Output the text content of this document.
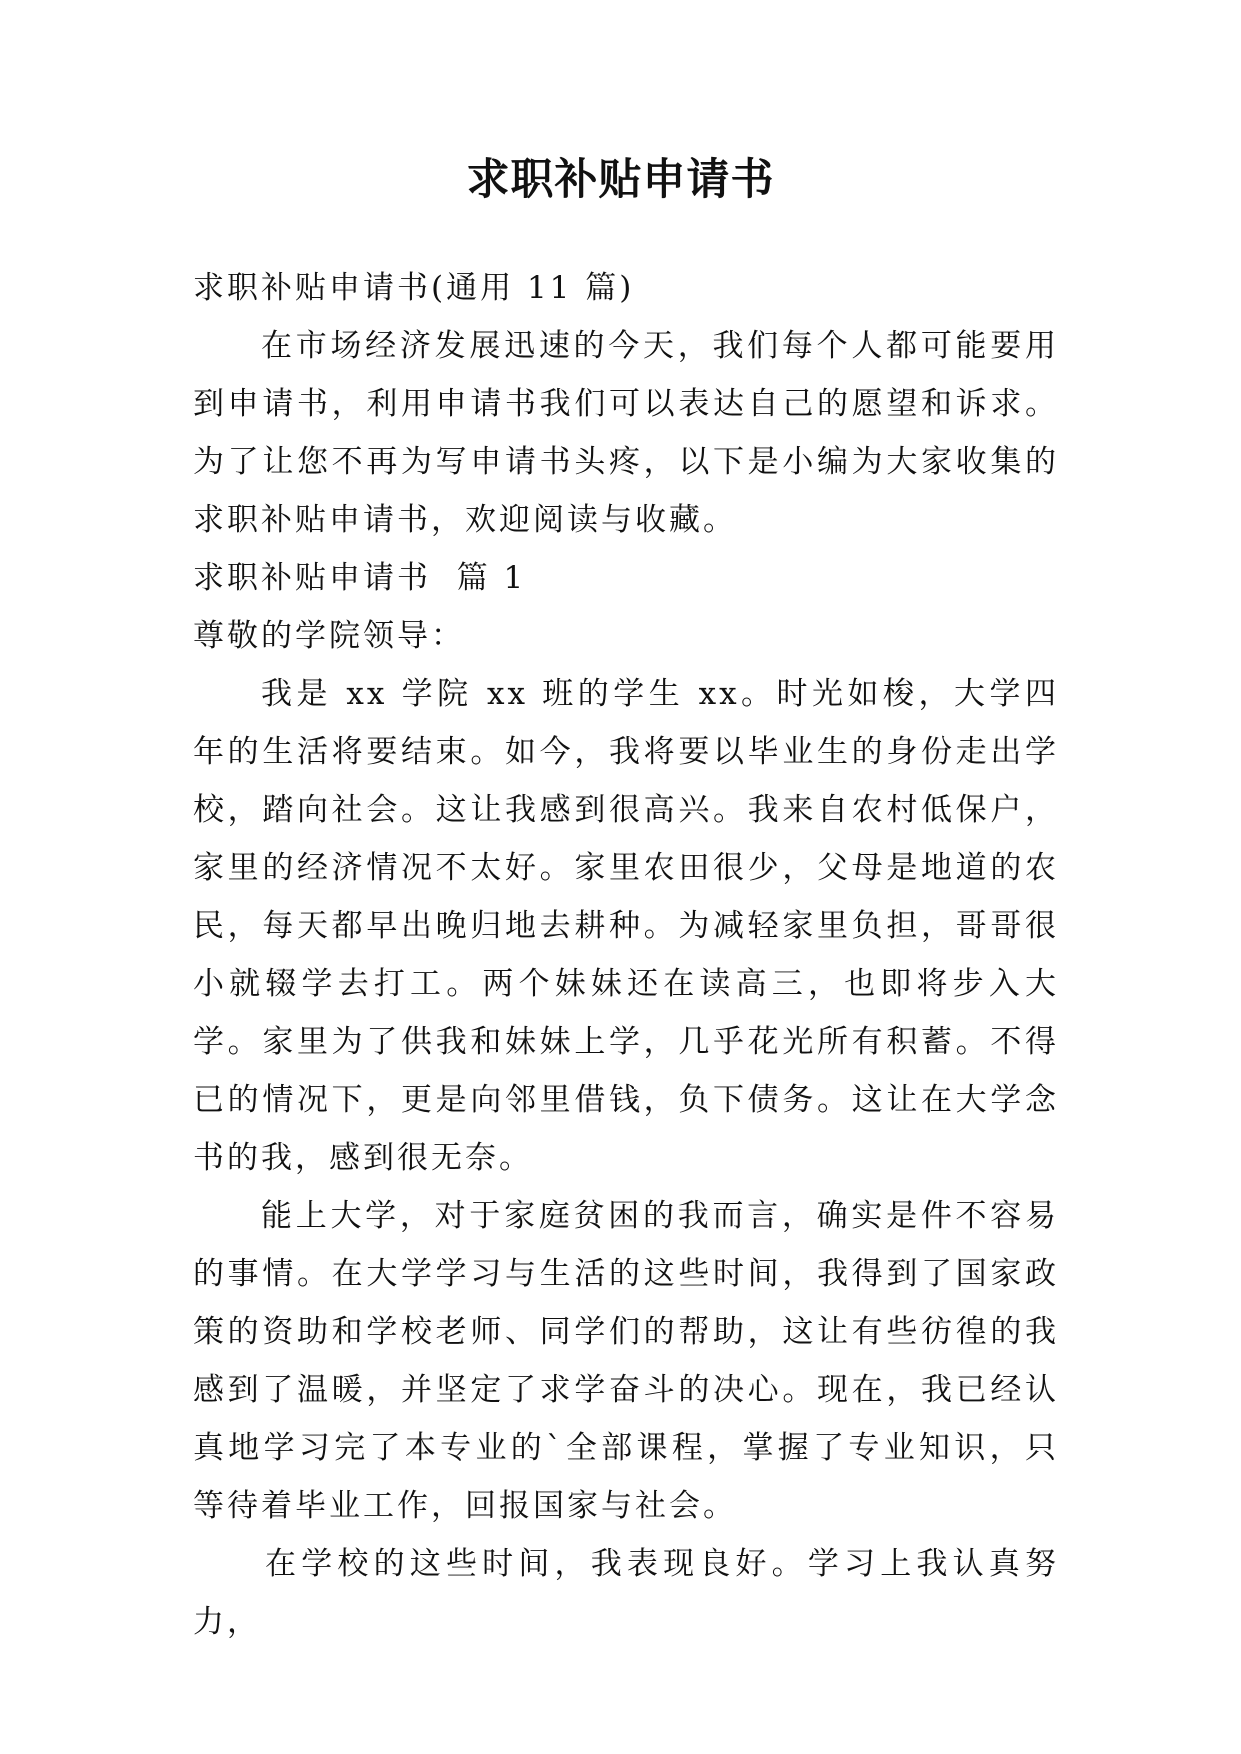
求职补贴申请书

求职补贴申请书(通用 11 篇)

在市场经济发展迅速的今天，我们每个人都可能要用到申请书，利用申请书我们可以表达自己的愿望和诉求。为了让您不再为写申请书头疼，以下是小编为大家收集的求职补贴申请书，欢迎阅读与收藏。

求职补贴申请书  篇 1

尊敬的学院领导：

我是 xx 学院 xx 班的学生 xx。时光如梭，大学四年的生活将要结束。如今，我将要以毕业生的身份走出学校，踏向社会。这让我感到很高兴。我来自农村低保户，家里的经济情况不太好。家里农田很少，父母是地道的农民，每天都早出晚归地去耕种。为减轻家里负担，哥哥很小就辍学去打工。两个妹妹还在读高三，也即将步入大学。家里为了供我和妹妹上学，几乎花光所有积蓄。不得已的情况下，更是向邻里借钱，负下债务。这让在大学念书的我，感到很无奈。

能上大学，对于家庭贫困的我而言，确实是件不容易的事情。在大学学习与生活的这些时间，我得到了国家政策的资助和学校老师、同学们的帮助，这让有些彷徨的我感到了温暖，并坚定了求学奋斗的决心。现在，我已经认真地学习完了本专业的`全部课程，掌握了专业知识，只等待着毕业工作，回报国家与社会。

在学校的这些时间，我表现良好。学习上我认真努力，
